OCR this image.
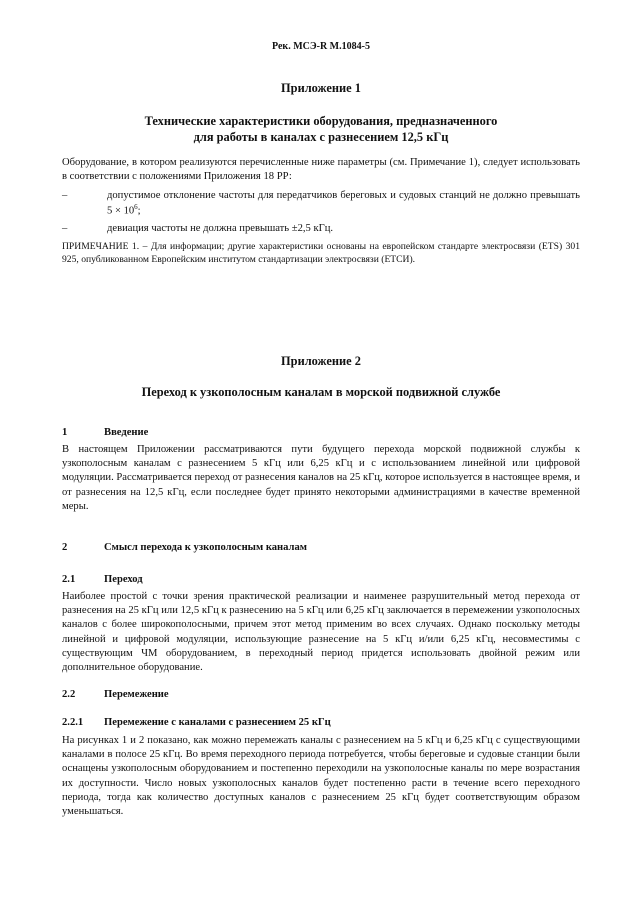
Рек. МСЭ-R M.1084-5
Приложение 1
Технические характеристики оборудования, предназначенного
для работы в каналах с разнесением 12,5 кГц

Оборудование, в котором реализуются перечисленные ниже параметры (см. Примечание 1), следует использовать в соответствии с положениями Приложения 18 РР:

–	допустимое отклонение частоты для передатчиков береговых и судовых станций не должно превышать $5 \times 10^6$;
–	девиация частоты не должна превышать ±2,5 кГц.
ПРИМЕЧАНИЕ 1. – Для информации; другие характеристики основаны на европейском стандарте электросвязи (ETS) 301 925, опубликованном Европейским институтом стандартизации электросвязи (ЕТСИ).
Приложение 2
Переход к узкополосным каналам в морской подвижной службе
1	Введение

В настоящем Приложении рассматриваются пути будущего перехода морской подвижной службы к узкополосным каналам с разнесением 5 кГц или 6,25 кГц и с использованием линейной или цифровой модуляции. Рассматривается переход от разнесения каналов на 25 кГц, которое используется в настоящее время, и от разнесения на 12,5 кГц, если последнее будет принято некоторыми администрациями в качестве временной меры.

2	Смысл перехода к узкополосным каналам
2.1	Переход

Наиболее простой с точки зрения практической реализации и наименее разрушительный метод перехода от разнесения на 25 кГц или 12,5 кГц к разнесению на 5 кГц или 6,25 кГц заключается в перемежении узкополосных каналов с более широкополосными, причем этот метод применим во всех случаях. Однако поскольку методы линейной и цифровой модуляции, использующие разнесение на 5 кГц и/или 6,25 кГц, несовместимы с существующим ЧМ оборудованием, в переходный период придется использовать двойной режим или дополнительное оборудование.

2.2	Перемежение
2.2.1 Перемежение с каналами с разнесением 25 кГц

На рисунках 1 и 2 показано, как можно перемежать каналы с разнесением на 5 кГц и 6,25 кГц с существующими каналами в полосе 25 кГц. Во время переходного периода потребуется, чтобы береговые и судовые станции были оснащены узкополосным оборудованием и постепенно переходили на узкополосные каналы по мере возрастания их доступности. Число новых узкополосных каналов будет постепенно расти в течение всего переходного периода, тогда как количество доступных каналов с разнесением 25 кГц будет соответствующим образом уменьшаться.
